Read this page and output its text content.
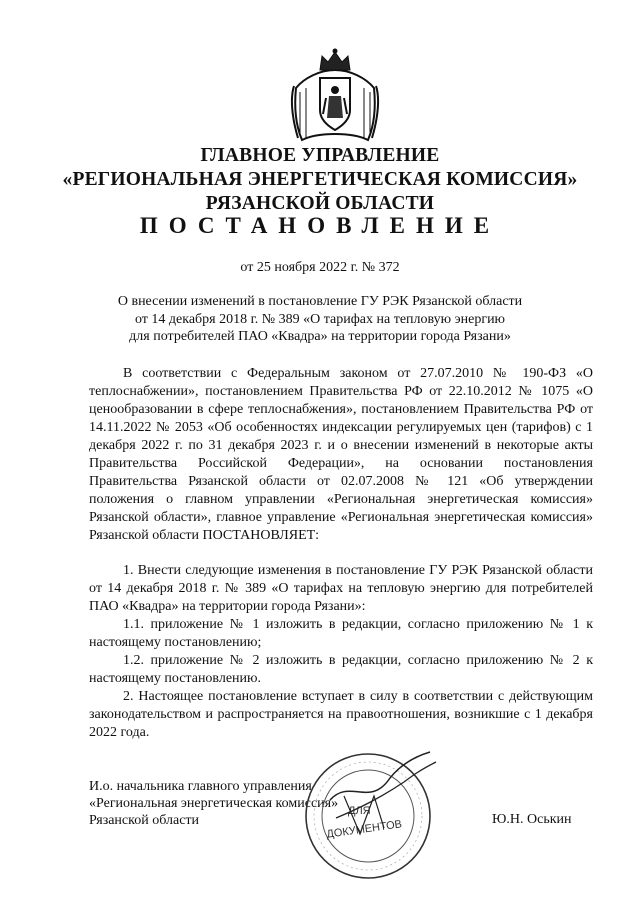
ГЛАВНОЕ УПРАВЛЕНИЕ
«РЕГИОНАЛЬНАЯ ЭНЕРГЕТИЧЕСКАЯ КОМИССИЯ»
РЯЗАНСКОЙ ОБЛАСТИ
ПОСТАНОВЛЕНИЕ
от 25 ноября 2022 г. № 372
О внесении изменений в постановление ГУ РЭК Рязанской области
от 14 декабря 2018 г. № 389 «О тарифах на тепловую энергию
для потребителей ПАО «Квадра» на территории города Рязани»

В соответствии с Федеральным законом от 27.07.2010 № 190-ФЗ «О теплоснабжении», постановлением Правительства РФ от 22.10.2012 № 1075 «О ценообразовании в сфере теплоснабжения», постановлением Правительства РФ от 14.11.2022 № 2053 «Об особенностях индексации регулируемых цен (тарифов) с 1 декабря 2022 г. по 31 декабря 2023 г. и о внесении изменений в некоторые акты Правительства Российской Федерации», на основании постановления Правительства Рязанской области от 02.07.2008 № 121 «Об утверждении положения о главном управлении «Региональная энергетическая комиссия» Рязанской области», главное управление «Региональная энергетическая комиссия» Рязанской области ПОСТАНОВЛЯЕТ:

1. Внести следующие изменения в постановление ГУ РЭК Рязанской области от 14 декабря 2018 г. № 389 «О тарифах на тепловую энергию для потребителей ПАО «Квадра» на территории города Рязани»:

1.1. приложение № 1 изложить в редакции, согласно приложению № 1 к настоящему постановлению;

1.2. приложение № 2 изложить в редакции, согласно приложению № 2 к настоящему постановлению.

2. Настоящее постановление вступает в силу в соответствии с действующим законодательством и распространяется на правоотношения, возникшие с 1 декабря 2022 года.

И.о. начальника главного управления
«Региональная энергетическая комиссия»
Рязанской области	Ю.Н. Оськин
ДЛЯ
ДОКУМЕНТОВ
